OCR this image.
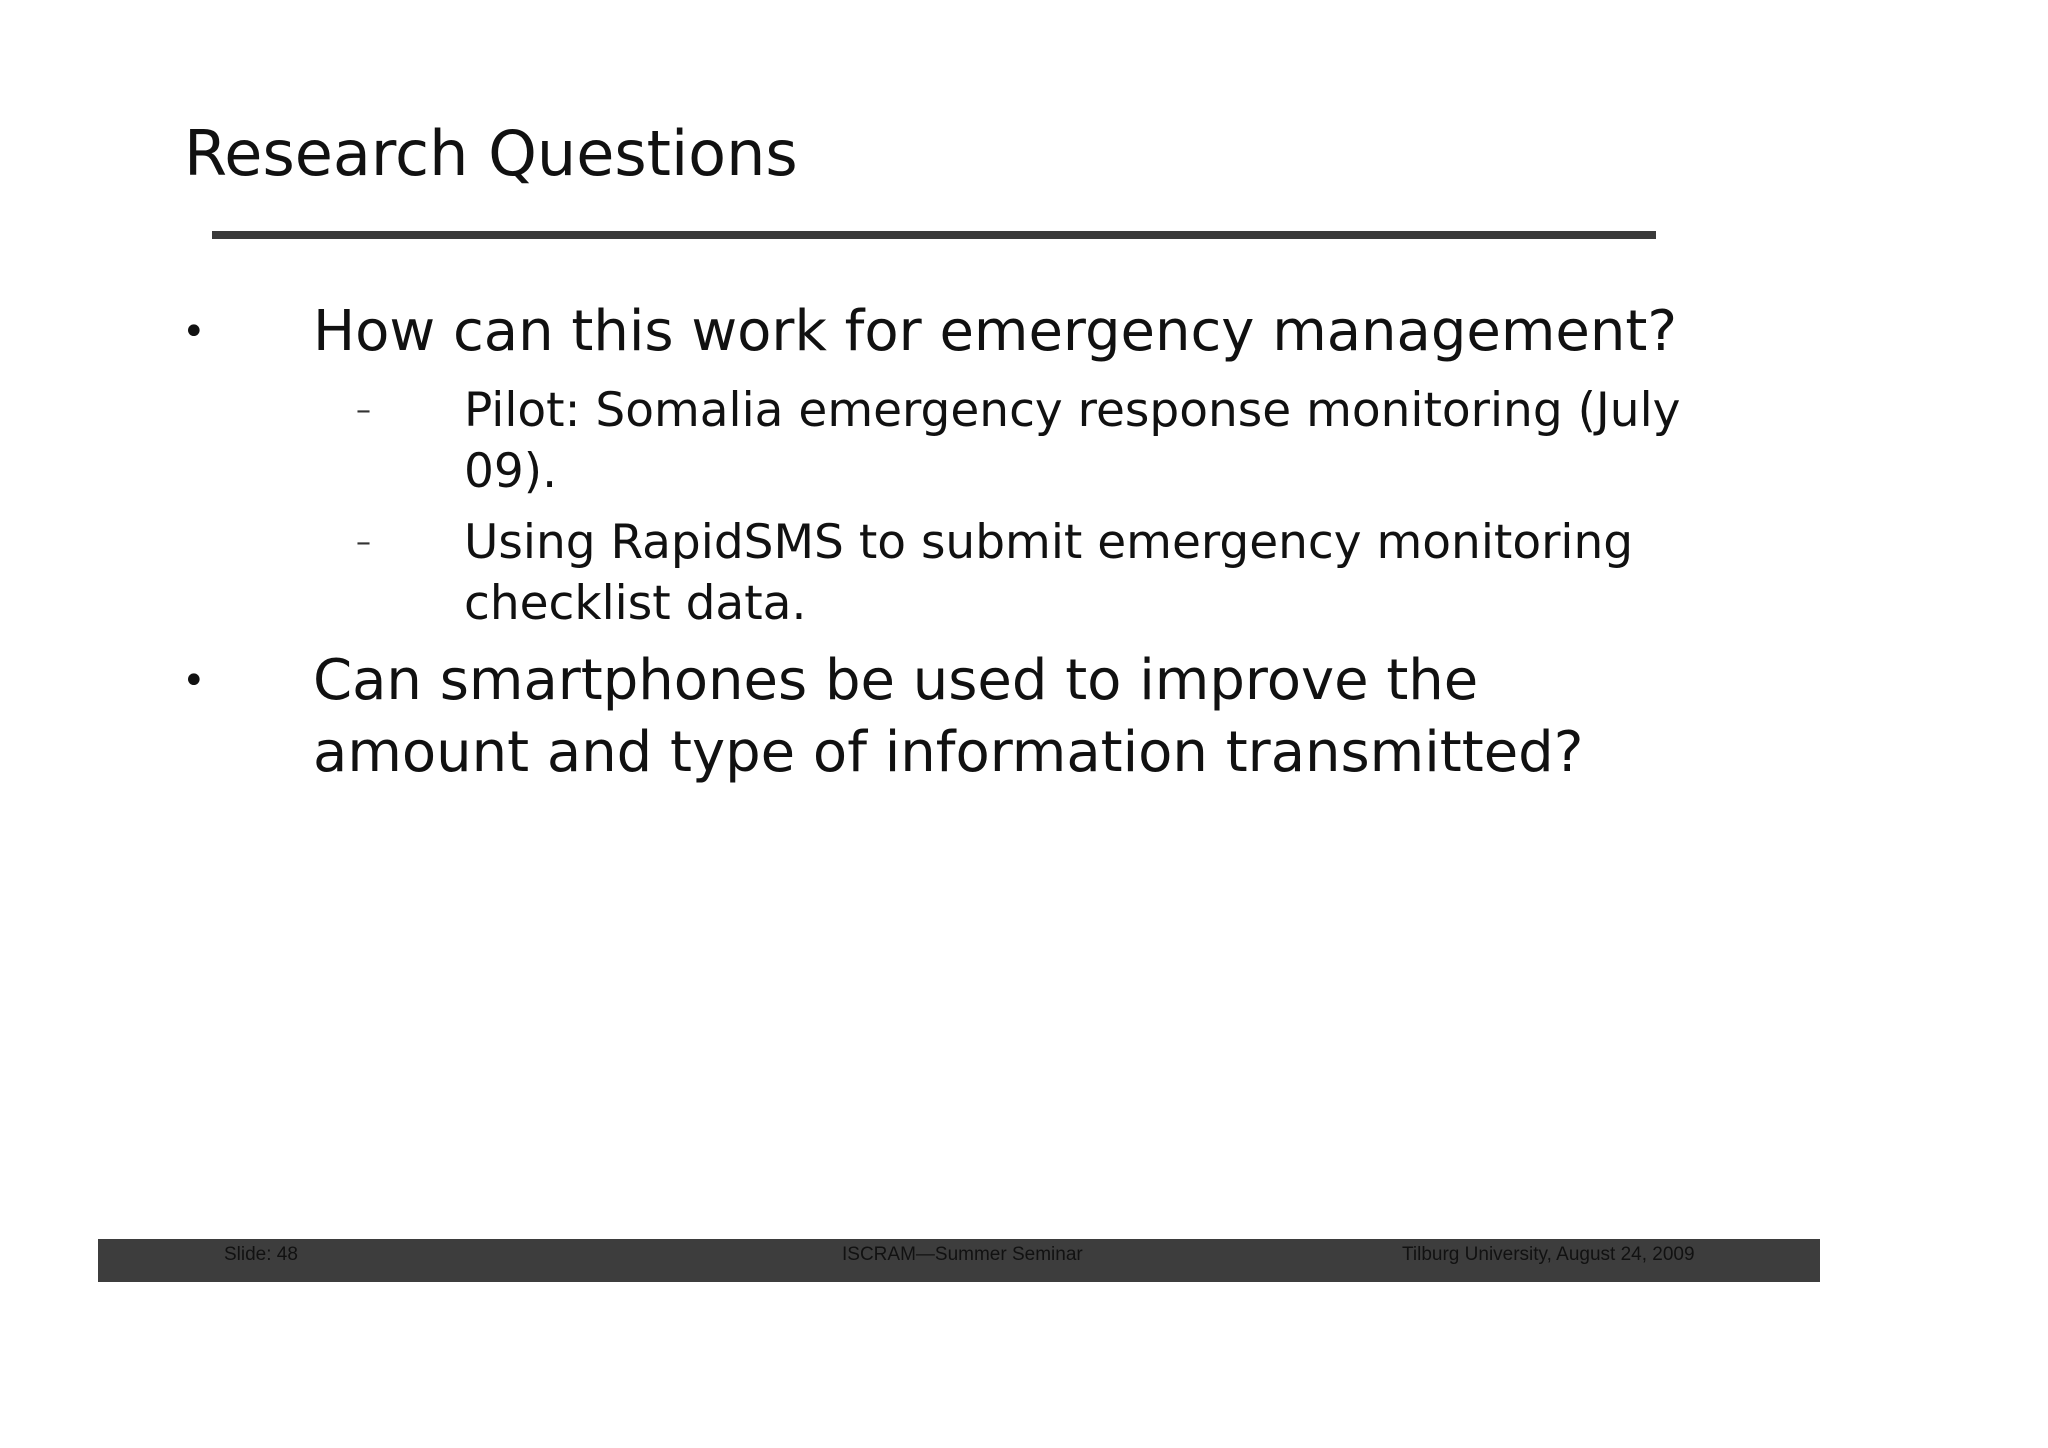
Research Questions
• How can this work for emergency management?
– Pilot: Somalia emergency response monitoring (July
09).
– Using RapidSMS to submit emergency monitoring
checklist data.
• Can smartphones be used to improve the
amount and type of information transmitted?
Slide: 48	ISCRAM—Summer Seminar	Tilburg University, August 24, 2009
